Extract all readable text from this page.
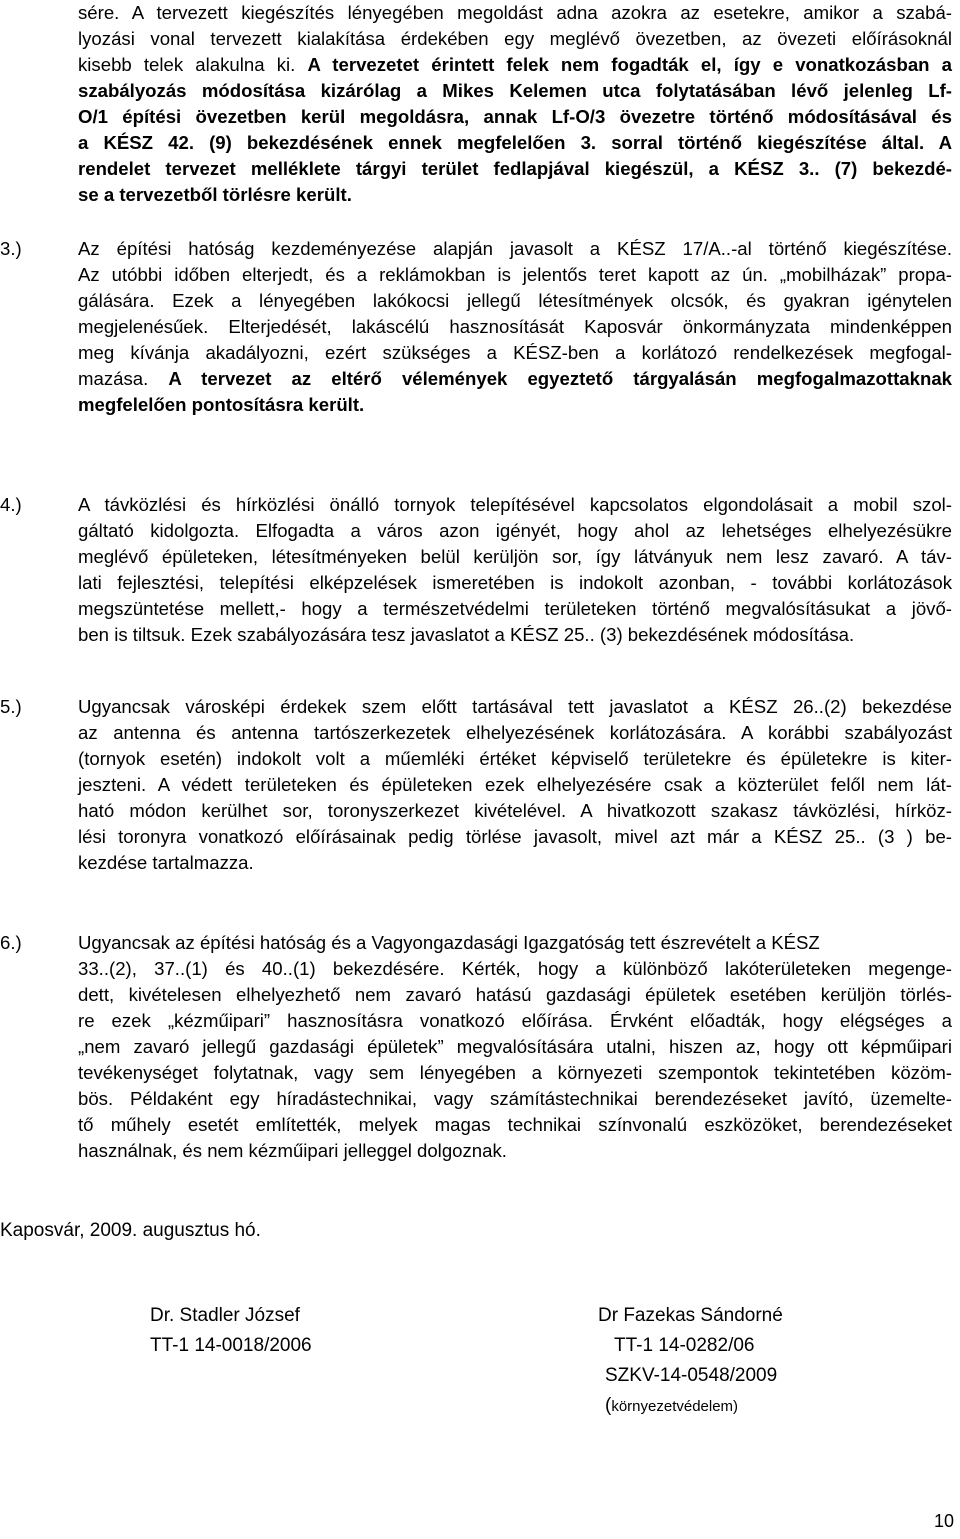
sére. A tervezett kiegészítés lényegében megoldást adna azokra az esetekre, amikor a szabá-
lyozási vonal tervezett kialakítása érdekében egy meglévő övezetben, az övezeti előírásoknál
kisebb telek alakulna ki. A tervezetet érintett felek nem fogadták el, így e vonatkozásban a
szabályozás módosítása kizárólag a Mikes Kelemen utca folytatásában lévő jelenleg Lf-
O/1 építési övezetben kerül megoldásra, annak Lf-O/3 övezetre történő módosításával és
a KÉSZ 42. (9) bekezdésének ennek megfelelően 3. sorral történő kiegészítése által. A
rendelet tervezet melléklete tárgyi terület fedlapjával kiegészül, a KÉSZ 3.. (7) bekezdé-
se a tervezetből törlésre került.
3.)	Az építési hatóság kezdeményezése alapján javasolt a KÉSZ 17/A..-al történő kiegészítése.
Az utóbbi időben elterjedt, és a reklámokban is jelentős teret kapott az ún. „mobilházak” propa-
gálására. Ezek a lényegében lakókocsi jellegű létesítmények olcsók, és gyakran igénytelen
megjelenésűek. Elterjedését, lakáscélú hasznosítását Kaposvár önkormányzata mindenképpen
meg kívánja akadályozni, ezért szükséges a KÉSZ-ben a korlátozó rendelkezések megfogal-
mazása. A tervezet az eltérő vélemények egyeztető tárgyalásán megfogalmazottaknak
megfelelően pontosításra került.
4.)	A távközlési és hírközlési önálló tornyok telepítésével kapcsolatos elgondolásait a mobil szol-
gáltató kidolgozta. Elfogadta a város azon igényét, hogy ahol az lehetséges elhelyezésükre
meglévő épületeken, létesítményeken belül kerüljön sor, így látványuk nem lesz zavaró. A táv-
lati fejlesztési, telepítési elképzelések ismeretében is indokolt azonban, - további korlátozások
megszüntetése mellett,- hogy a természetvédelmi területeken történő megvalósításukat a jövő-
ben is tiltsuk. Ezek szabályozására tesz javaslatot a KÉSZ 25.. (3) bekezdésének módosítása.
5.)	Ugyancsak városképi érdekek szem előtt tartásával tett javaslatot a KÉSZ 26..(2) bekezdése
az antenna és antenna tartószerkezetek elhelyezésének korlátozására. A korábbi szabályozást
(tornyok esetén) indokolt volt a műemléki értéket képviselő területekre és épületekre is kiter-
jeszteni. A védett területeken és épületeken ezek elhelyezésére csak a közterület felől nem lát-
ható módon kerülhet sor, toronyszerkezet kivételével. A hivatkozott szakasz távközlési, hírköz-
lési toronyra vonatkozó előírásainak pedig törlése javasolt, mivel azt már a KÉSZ 25.. (3 ) be-
kezdése tartalmazza.
6.)	Ugyancsak az építési hatóság és a Vagyongazdasági Igazgatóság tett észrevételt a KÉSZ
33..(2), 37..(1) és 40..(1) bekezdésére. Kérték, hogy a különböző lakóterületeken megenge-
dett, kivételesen elhelyezhető nem zavaró hatású gazdasági épületek esetében kerüljön törlés-
re ezek „kézműipari” hasznosításra vonatkozó előírása. Érvként előadták, hogy elégséges a
„nem zavaró jellegű gazdasági épületek” megvalósítására utalni, hiszen az, hogy ott képműipari
tevékenységet folytatnak, vagy sem lényegében a környezeti szempontok tekintetében közöm-
bös. Példaként egy híradástechnikai, vagy számítástechnikai berendezéseket javító, üzemelte-
tő műhely esetét említették, melyek magas technikai színvonalú eszközöket, berendezéseket
használnak, és nem kézműipari jelleggel dolgoznak.
Kaposvár, 2009. augusztus hó.
Dr. Stadler József
TT-1 14-0018/2006
Dr Fazekas Sándorné
TT-1 14-0282/06
SZKV-14-0548/2009
(környezetvédelem)
10
